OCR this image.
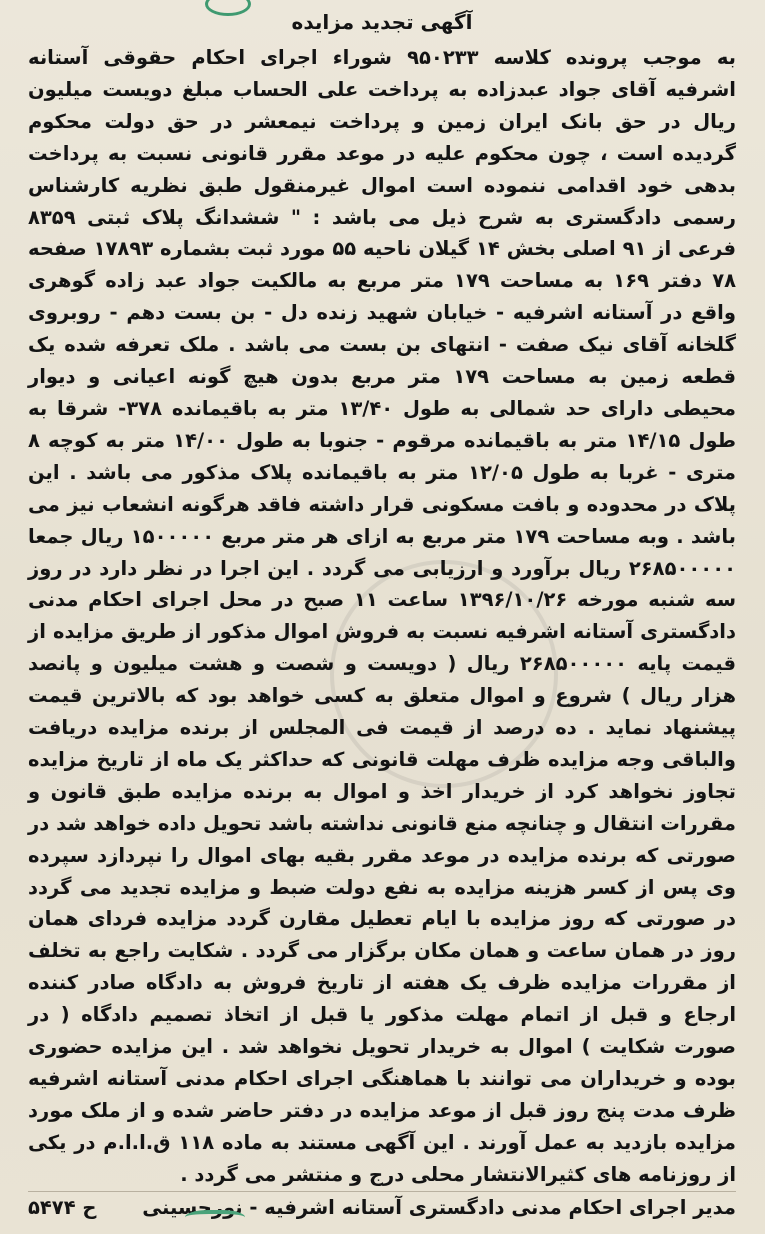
آگهی تجدید مزایده

به موجب پرونده کلاسه ۹۵۰۲۳۳ شوراء اجرای احکام حقوقی آستانه اشرفیه آقای جواد عبدزاده به پرداخت علی الحساب مبلغ دویست میلیون ریال در حق بانک ایران زمین و پرداخت نیمعشر در حق دولت محکوم گردیده است ، چون محکوم علیه در موعد مقرر قانونی نسبت به پرداخت بدهی خود اقدامی ننموده است اموال غیرمنقول طبق نظریه کارشناس رسمی دادگستری به شرح ذیل می باشد : " ششدانگ پلاک ثبتی ۸۳۵۹ فرعی از ۹۱ اصلی بخش ۱۴ گیلان ناحیه ۵۵ مورد ثبت بشماره ۱۷۸۹۳ صفحه ۷۸ دفتر ۱۶۹ به مساحت ۱۷۹ متر مربع به مالکیت جواد عبد زاده گوهری واقع در آستانه اشرفیه - خیابان شهید زنده دل - بن بست دهم - روبروی گلخانه آقای نیک صفت - انتهای بن بست می باشد . ملک تعرفه شده یک قطعه زمین به مساحت ۱۷۹ متر مربع بدون هیچ گونه اعیانی و دیوار محیطی دارای حد شمالی به طول ۱۳/۴۰ متر به باقیمانده ۳۷۸- شرقا به طول ۱۴/۱۵ متر به باقیمانده مرقوم - جنوبا به طول ۱۴/۰۰ متر به کوچه ۸ متری - غربا به طول ۱۲/۰۵ متر به باقیمانده پلاک مذکور می باشد . این پلاک در محدوده و بافت مسکونی قرار داشته فاقد هرگونه انشعاب نیز می باشد . وبه مساحت ۱۷۹ متر مربع به ازای هر متر مربع ۱۵۰۰۰۰۰ ریال جمعا ۲۶۸۵۰۰۰۰۰ ریال برآورد و ارزیابی می گردد . این اجرا در نظر دارد در روز سه شنبه مورخه ۱۳۹۶/۱۰/۲۶ ساعت ۱۱ صبح در محل اجرای احکام مدنی دادگستری آستانه اشرفیه نسبت به فروش اموال مذکور از طریق مزایده از قیمت پایه ۲۶۸۵۰۰۰۰۰ ریال ( دویست و شصت و هشت میلیون و پانصد هزار ریال ) شروع و اموال متعلق به کسی خواهد بود که بالاترین قیمت پیشنهاد نماید . ده درصد از قیمت فی المجلس از برنده مزایده دریافت والباقی وجه مزایده ظرف مهلت قانونی که حداکثر یک ماه از تاریخ مزایده تجاوز نخواهد کرد از خریدار اخذ و اموال به برنده مزایده طبق قانون و مقررات انتقال و چنانچه منع قانونی نداشته باشد تحویل داده خواهد شد در صورتی که برنده مزایده در موعد مقرر بقیه بهای اموال را نپردازد سپرده وی پس از کسر هزینه مزایده به نفع دولت ضبط و مزایده تجدید می گردد در صورتی که روز مزایده با ایام تعطیل مقارن گردد مزایده فردای همان روز در همان ساعت و همان مکان برگزار می گردد . شکایت راجع به تخلف از مقررات مزایده ظرف یک هفته از تاریخ فروش به دادگاه صادر کننده ارجاع و قبل از اتمام مهلت مذکور یا قبل از اتخاذ تصمیم دادگاه ( در صورت شکایت ) اموال به خریدار تحویل نخواهد شد . این مزایده حضوری بوده و خریداران می توانند با هماهنگی اجرای احکام مدنی آستانه اشرفیه ظرف مدت پنج روز قبل از موعد مزایده در دفتر حاضر شده و از ملک مورد مزایده بازدید به عمل آورند . این آگهی مستند به ماده ۱۱۸ ق.ا.ا.م در یکی از روزنامه های کثیرالانتشار محلی درج و منتشر می گردد .

مدیر اجرای احکام مدنی دادگستری آستانه اشرفیه - نورحسینی
ح ۵۴۷۴
